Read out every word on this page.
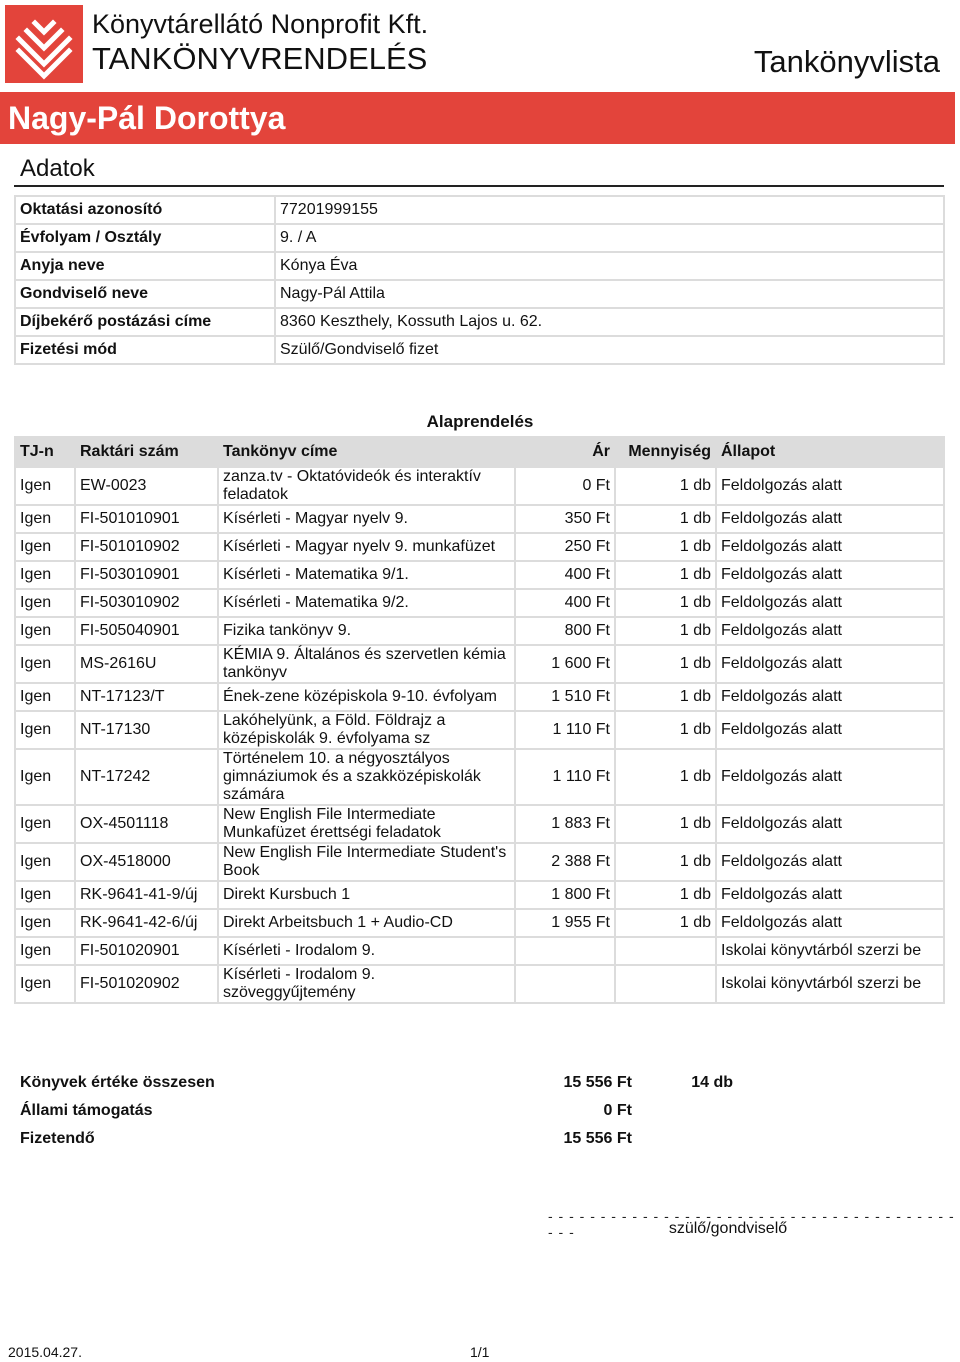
Könyvtárellátó Nonprofit Kft.
TANKÖNYVRENDELÉS	Tankönyvlista
Nagy-Pál Dorottya
Adatok
Oktatási azonosító	77201999155
Évfolyam / Osztály	9. / A
Anyja neve	Kónya Éva
Gondviselő neve	Nagy-Pál Attila
Díjbekérő postázási címe	8360 Keszthely, Kossuth Lajos u. 62.
Fizetési mód	Szülő/Gondviselő fizet
Alaprendelés
TJ-n	Raktári szám	Tankönyv címe	Ár	Mennyiség	Állapot
Igen	EW-0023	zanza.tv - Oktatóvideók és interaktív feladatok	0 Ft	1 db	Feldolgozás alatt
Igen	FI-501010901	Kísérleti - Magyar nyelv 9.	350 Ft	1 db	Feldolgozás alatt
Igen	FI-501010902	Kísérleti - Magyar nyelv 9. munkafüzet	250 Ft	1 db	Feldolgozás alatt
Igen	FI-503010901	Kísérleti - Matematika 9/1.	400 Ft	1 db	Feldolgozás alatt
Igen	FI-503010902	Kísérleti - Matematika 9/2.	400 Ft	1 db	Feldolgozás alatt
Igen	FI-505040901	Fizika tankönyv 9.	800 Ft	1 db	Feldolgozás alatt
Igen	MS-2616U	KÉMIA 9. Általános és szervetlen kémia tankönyv	1 600 Ft	1 db	Feldolgozás alatt
Igen	NT-17123/T	Ének-zene középiskola 9-10. évfolyam	1 510 Ft	1 db	Feldolgozás alatt
Igen	NT-17130	Lakóhelyünk, a Föld. Földrajz a középiskolák 9. évfolyama sz	1 110 Ft	1 db	Feldolgozás alatt
Igen	NT-17242	Történelem 10. a négyosztályos gimnáziumok és a szakközépiskolák számára	1 110 Ft	1 db	Feldolgozás alatt
Igen	OX-4501118	New English File Intermediate Munkafüzet érettségi feladatok	1 883 Ft	1 db	Feldolgozás alatt
Igen	OX-4518000	New English File Intermediate Student's Book	2 388 Ft	1 db	Feldolgozás alatt
Igen	RK-9641-41-9/új	Direkt Kursbuch 1	1 800 Ft	1 db	Feldolgozás alatt
Igen	RK-9641-42-6/új	Direkt Arbeitsbuch 1 + Audio-CD	1 955 Ft	1 db	Feldolgozás alatt
Igen	FI-501020901	Kísérleti - Irodalom 9.			Iskolai könyvtárból szerzi be
Igen	FI-501020902	Kísérleti - Irodalom 9. szöveggyűjtemény			Iskolai könyvtárból szerzi be
Könyvek értéke összesen	15 556 Ft	14 db	
Állami támogatás	0 Ft		
Fizetendő	15 556 Ft		
- - - - - - - - - - - - - - - - - - - - - - - - - - - - - - - - - - - - - - - - - -	szülő/gondviselő
2015.04.27.	1/1
